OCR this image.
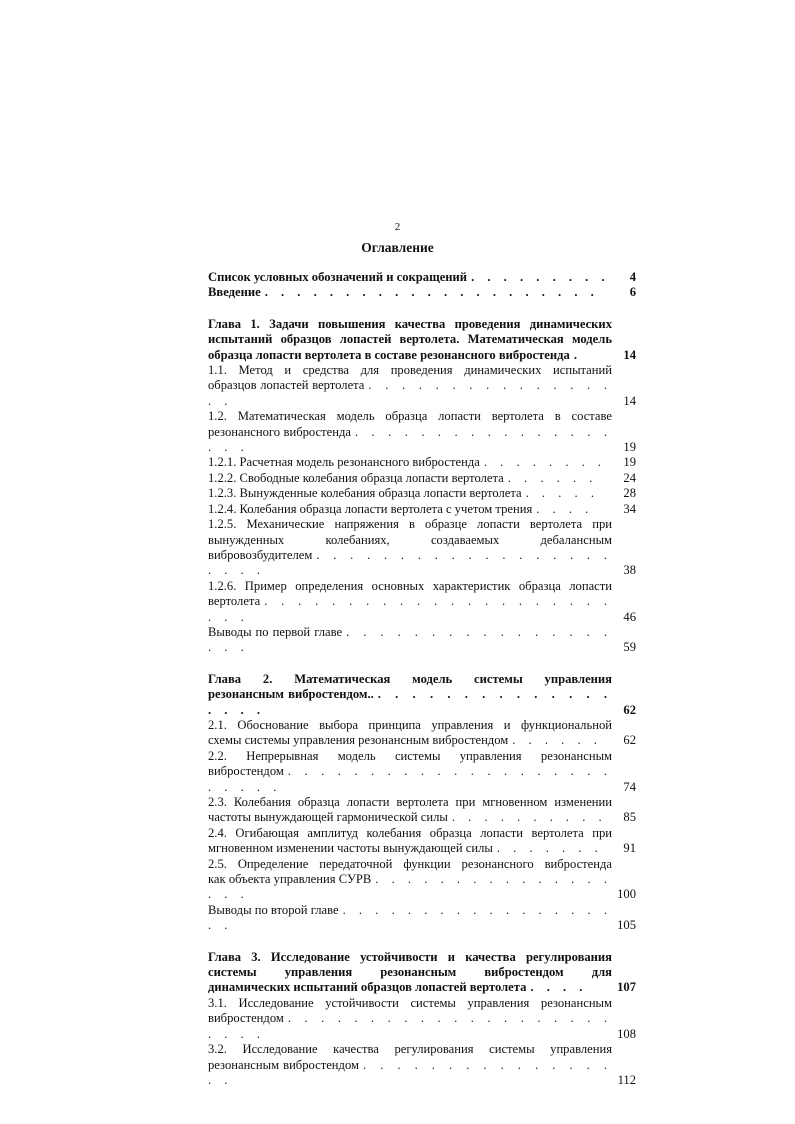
2
Оглавление
Список условных обозначений и сокращений . . . . . . . . .	4
Введение . . . . . . . . . . . . . . . . . . . . .	6
Глава 1. Задачи повышения качества проведения динамических
испытаний образцов лопастей вертолета. Математическая модель
образца лопасти вертолета в составе резонансного вибростенда .	14
1.1. Метод и средства для проведения динамических испытаний
образцов лопастей вертолета . . . . . . . . . . . . . . . . .	14
1.2. Математическая модель образца лопасти вертолета в составе
резонансного вибростенда . . . . . . . . . . . . . . . . . . .	19
1.2.1. Расчетная модель резонансного вибростенда . . . . . . . .	19
1.2.2. Свободные колебания образца лопасти вертолета . . . . . .	24
1.2.3. Вынужденные колебания образца лопасти вертолета . . . . .	28
1.2.4. Колебания образца лопасти вертолета с учетом трения . . . .	34
1.2.5. Механические напряжения в образце лопасти вертолета при
вынужденных колебаниях, создаваемых дебалансным
вибровозбудителем . . . . . . . . . . . . . . . . . . . . . .	38
1.2.6. Пример определения основных характеристик образца лопасти
вертолета . . . . . . . . . . . . . . . . . . . . . . . .	46
Выводы по первой главе . . . . . . . . . . . . . . . . . . .	59
Глава 2. Математическая модель системы управления
резонансным вибростендом.. . . . . . . . . . . . . . . . . . .	62
2.1. Обоснование выбора принципа управления и функциональной
схемы системы управления резонансным вибростендом . . . . . .	62
2.2. Непрерывная модель системы управления резонансным
вибростендом . . . . . . . . . . . . . . . . . . . . . . . . .	74
2.3. Колебания образца лопасти вертолета при мгновенном изменении
частоты вынуждающей гармонической силы . . . . . . . . . .	85
2.4. Огибающая амплитуд колебания образца лопасти вертолета при
мгновенном изменении частоты вынуждающей силы . . . . . . .	91
2.5. Определение передаточной функции резонансного вибростенда
как объекта управления СУРВ . . . . . . . . . . . . . . . . . .	100
Выводы по второй главе . . . . . . . . . . . . . . . . . . .	105
Глава 3. Исследование устойчивости и качества регулирования
системы управления резонансным вибростендом для
динамических испытаний образцов лопастей вертолета . . . .	107
3.1. Исследование устойчивости системы управления резонансным
вибростендом . . . . . . . . . . . . . . . . . . . . . . . .	108
3.2. Исследование качества регулирования системы управления
резонансным вибростендом . . . . . . . . . . . . . . . . .	112
